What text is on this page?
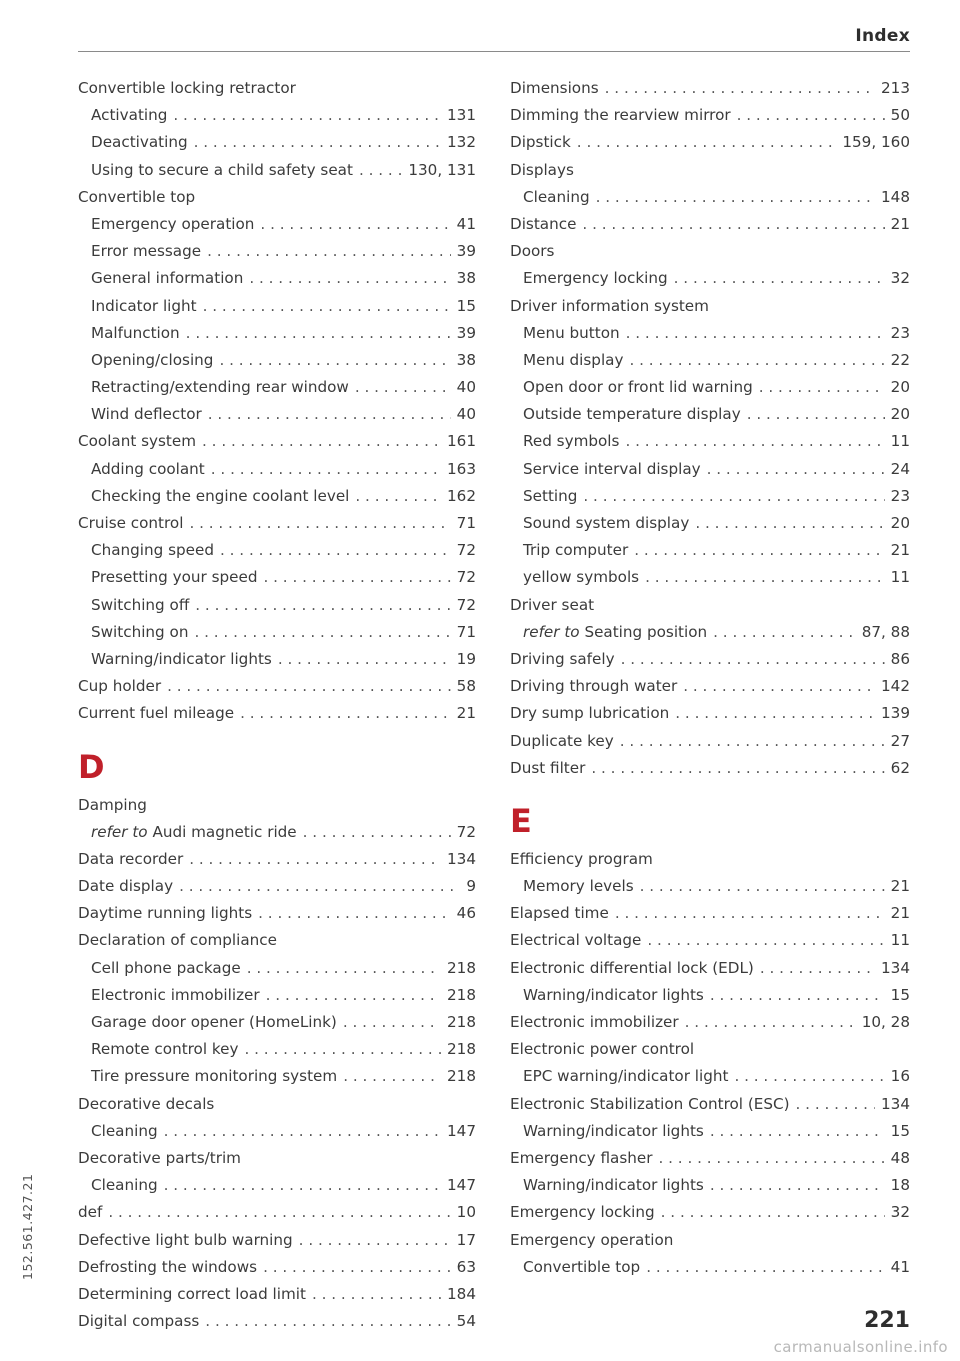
Index
Convertible locking retractor
Activating . . .	131
Deactivating . . .	132
Using to secure a child safety seat . . .	130, 131
Convertible top
Emergency operation . . .	41
Error message . . .	39
General information . . .	38
Indicator light . . .	15
Malfunction . . .	39
Opening/closing . . .	38
Retracting/extending rear window . . .	40
Wind deflector . . .	40
Coolant system . . .	161
Adding coolant . . .	163
Checking the engine coolant level . . .	162
Cruise control . . .	71
Changing speed . . .	72
Presetting your speed . . .	72
Switching off . . .	72
Switching on . . .	71
Warning/indicator lights . . .	19
Cup holder . . .	58
Current fuel mileage . . .	21
D
Damping
refer to Audi magnetic ride . . .	72
Data recorder . . .	134
Date display . . .	9
Daytime running lights . . .	46
Declaration of compliance
Cell phone package . . .	218
Electronic immobilizer . . .	218
Garage door opener (HomeLink) . . .	218
Remote control key . . .	218
Tire pressure monitoring system . . .	218
Decorative decals
Cleaning . . .	147
Decorative parts/trim
Cleaning . . .	147
def . . .	10
Defective light bulb warning . . .	17
Defrosting the windows . . .	63
Determining correct load limit . . .	184
Digital compass . . .	54
Dimensions . . .	213
Dimming the rearview mirror . . .	50
Dipstick . . .	159, 160
Displays
Cleaning . . .	148
Distance . . .	21
Doors
Emergency locking . . .	32
Driver information system
Menu button . . .	23
Menu display . . .	22
Open door or front lid warning . . .	20
Outside temperature display . . .	20
Red symbols . . .	11
Service interval display . . .	24
Setting . . .	23
Sound system display . . .	20
Trip computer . . .	21
yellow symbols . . .	11
Driver seat
refer to Seating position . . .	87, 88
Driving safely . . .	86
Driving through water . . .	142
Dry sump lubrication . . .	139
Duplicate key . . .	27
Dust filter . . .	62
E
Efficiency program
Memory levels . . .	21
Elapsed time . . .	21
Electrical voltage . . .	11
Electronic differential lock (EDL) . . .	134
Warning/indicator lights . . .	15
Electronic immobilizer . . .	10, 28
Electronic power control
EPC warning/indicator light . . .	16
Electronic Stabilization Control (ESC) . . .	134
Warning/indicator lights . . .	15
Emergency flasher . . .	48
Warning/indicator lights . . .	18
Emergency locking . . .	32
Emergency operation
Convertible top . . .	41
152.561.427.21
221
carmanualsonline.info
